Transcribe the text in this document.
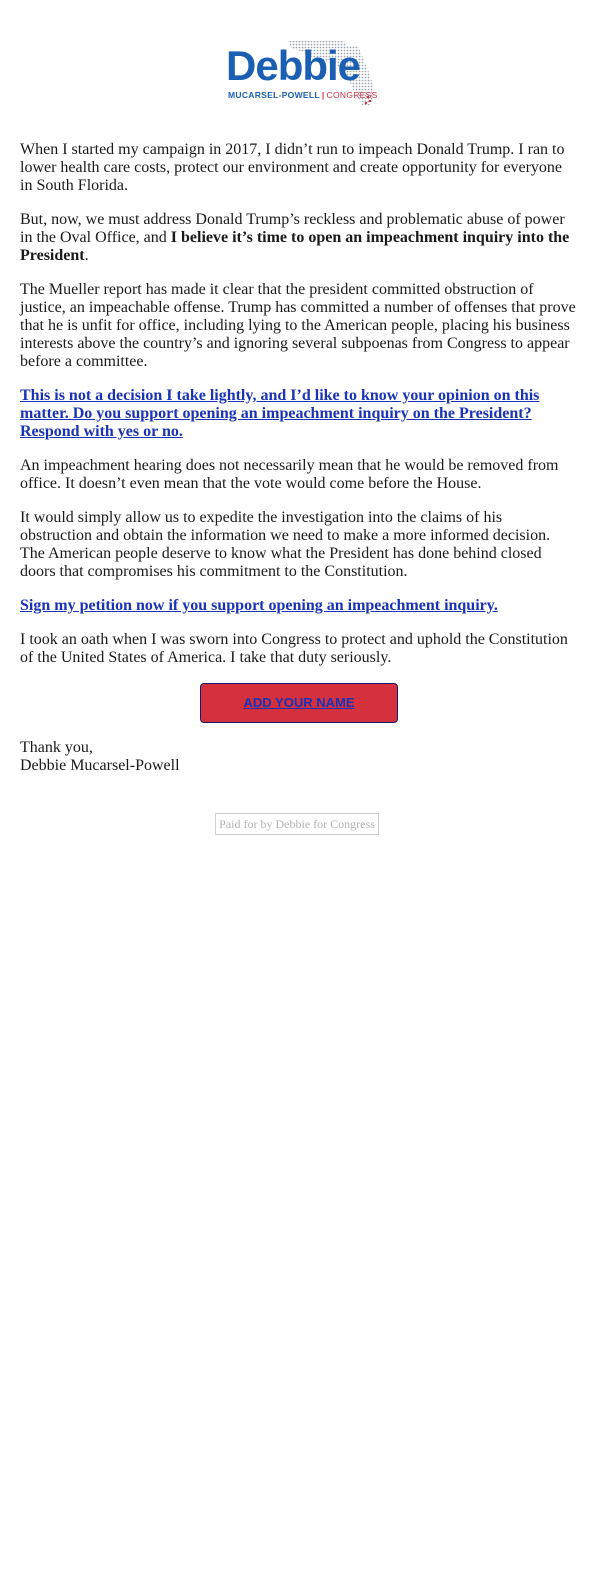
Debbie
MUCARSEL-POWELL | CONGRESS

When I started my campaign in 2017, I didn’t run to impeach Donald Trump. I ran to lower health care costs, protect our environment and create opportunity for everyone in South Florida.

But, now, we must address Donald Trump’s reckless and problematic abuse of power in the Oval Office, and I believe it’s time to open an impeachment inquiry into the President.

The Mueller report has made it clear that the president committed obstruction of justice, an impeachable offense. Trump has committed a number of offenses that prove that he is unfit for office, including lying to the American people, placing his business interests above the country’s and ignoring several subpoenas from Congress to appear before a committee.

This is not a decision I take lightly, and I’d like to know your opinion on this matter. Do you support opening an impeachment inquiry on the President? Respond with yes or no.

An impeachment hearing does not necessarily mean that he would be removed from office. It doesn’t even mean that the vote would come before the House.

It would simply allow us to expedite the investigation into the claims of his obstruction and obtain the information we need to make a more informed decision. The American people deserve to know what the President has done behind closed doors that compromises his commitment to the Constitution.

Sign my petition now if you support opening an impeachment inquiry.

I took an oath when I was sworn into Congress to protect and uphold the Constitution of the United States of America. I take that duty seriously.

ADD YOUR NAME

Thank you,
Debbie Mucarsel-Powell

Paid for by Debbie for Congress
